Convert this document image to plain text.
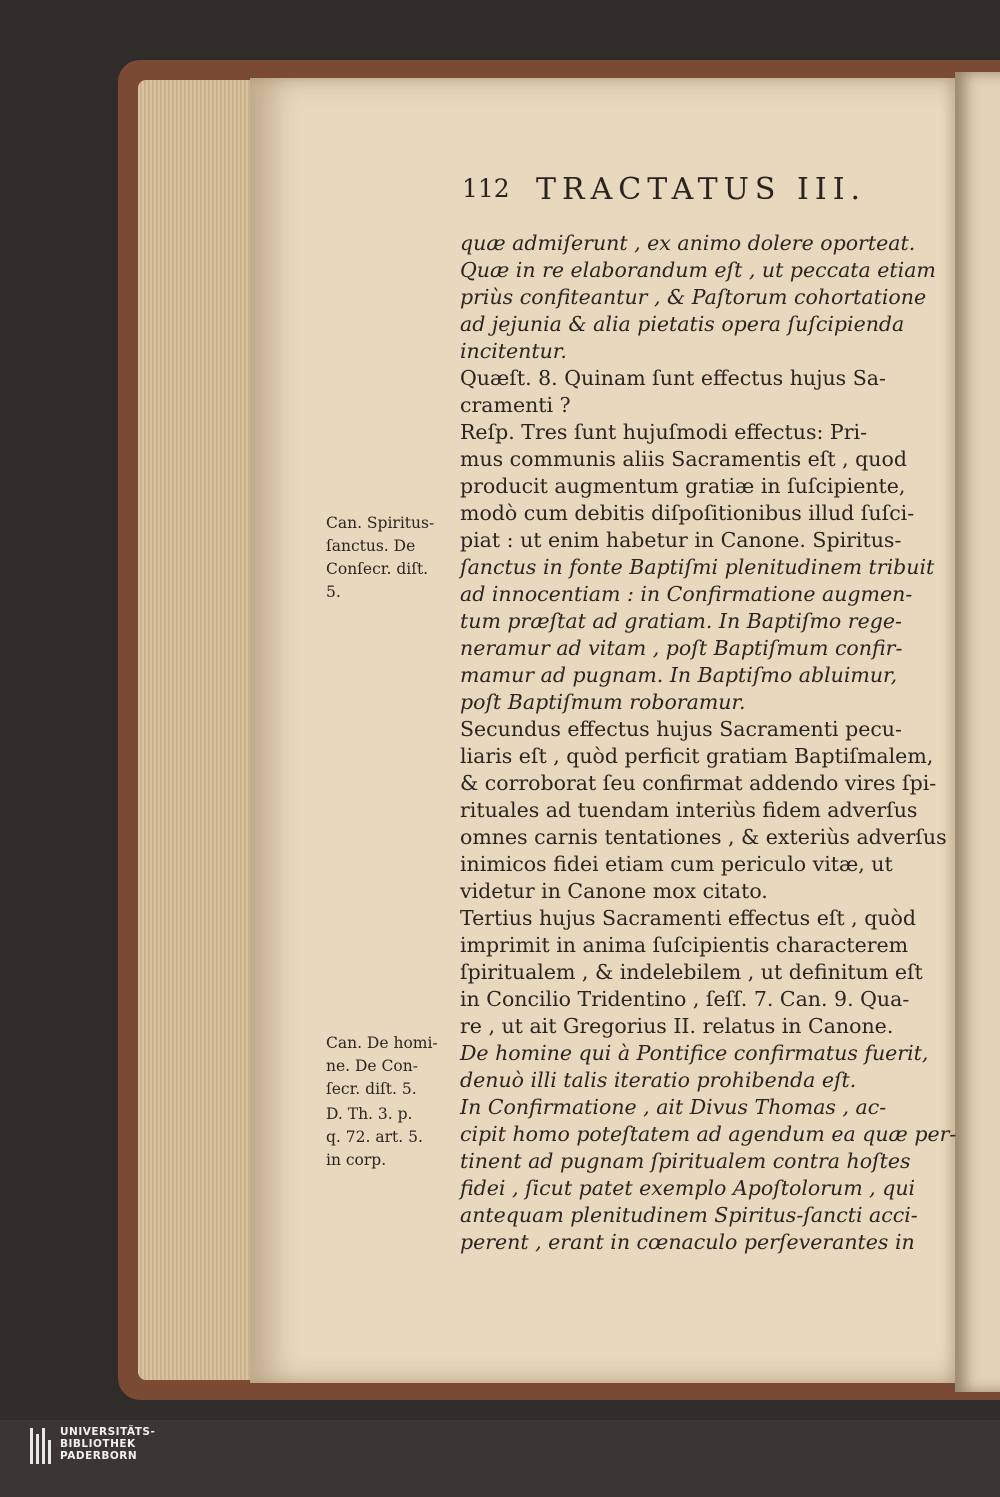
112 TRACTATUS III.
quæ admiſerunt , ex animo dolere oporteat.
Quæ in re elaborandum eſt , ut peccata etiam
priùs confiteantur , & Paſtorum cohortatione
ad jejunia & alia pietatis opera ſuſcipienda
incitentur.
Quæſt. 8. Quinam ſunt effectus hujus Sa-
cramenti ?
Reſp. Tres ſunt hujuſmodi effectus: Pri-
mus communis aliis Sacramentis eſt , quod
producit augmentum gratiæ in ſuſcipiente,
modò cum debitis diſpoſitionibus illud ſuſci-
piat : ut enim habetur in Canone. Spiritus-
ſanctus in fonte Baptiſmi plenitudinem tribuit
ad innocentiam : in Confirmatione augmen-
tum præſtat ad gratiam. In Baptiſmo rege-
neramur ad vitam , poſt Baptiſmum confir-
mamur ad pugnam. In Baptiſmo abluimur,
poſt Baptiſmum roboramur.
Secundus effectus hujus Sacramenti pecu-
liaris eſt , quòd perficit gratiam Baptiſmalem,
& corroborat ſeu confirmat addendo vires ſpi-
rituales ad tuendam interiùs fidem adverſus
omnes carnis tentationes , & exteriùs adverſus
inimicos fidei etiam cum periculo vitæ, ut
videtur in Canone mox citato.
Tertius hujus Sacramenti effectus eſt , quòd
imprimit in anima ſuſcipientis characterem
ſpiritualem , & indelebilem , ut definitum eſt
in Concilio Tridentino , ſeſſ. 7. Can. 9. Qua-
re , ut ait Gregorius II. relatus in Canone.
De homine qui à Pontifice confirmatus fuerit,
denuò illi talis iteratio prohibenda eſt.
In Confirmatione , ait Divus Thomas , ac-
cipit homo poteſtatem ad agendum ea quæ per-
tinent ad pugnam ſpiritualem contra hoſtes
fidei , ſicut patet exemplo Apoſtolorum , qui
antequam plenitudinem Spiritus-ſancti acci-
perent , erant in cœnaculo perſeverantes in
Can. Spiritus-
ſanctus. De
Conſecr. diſt.
5.
Can. De homi-
ne. De Con-
ſecr. diſt. 5.
D. Th. 3. p.
q. 72. art. 5.
in corp.
UNIVERSITÄTS-
BIBLIOTHEK
PADERBORN
